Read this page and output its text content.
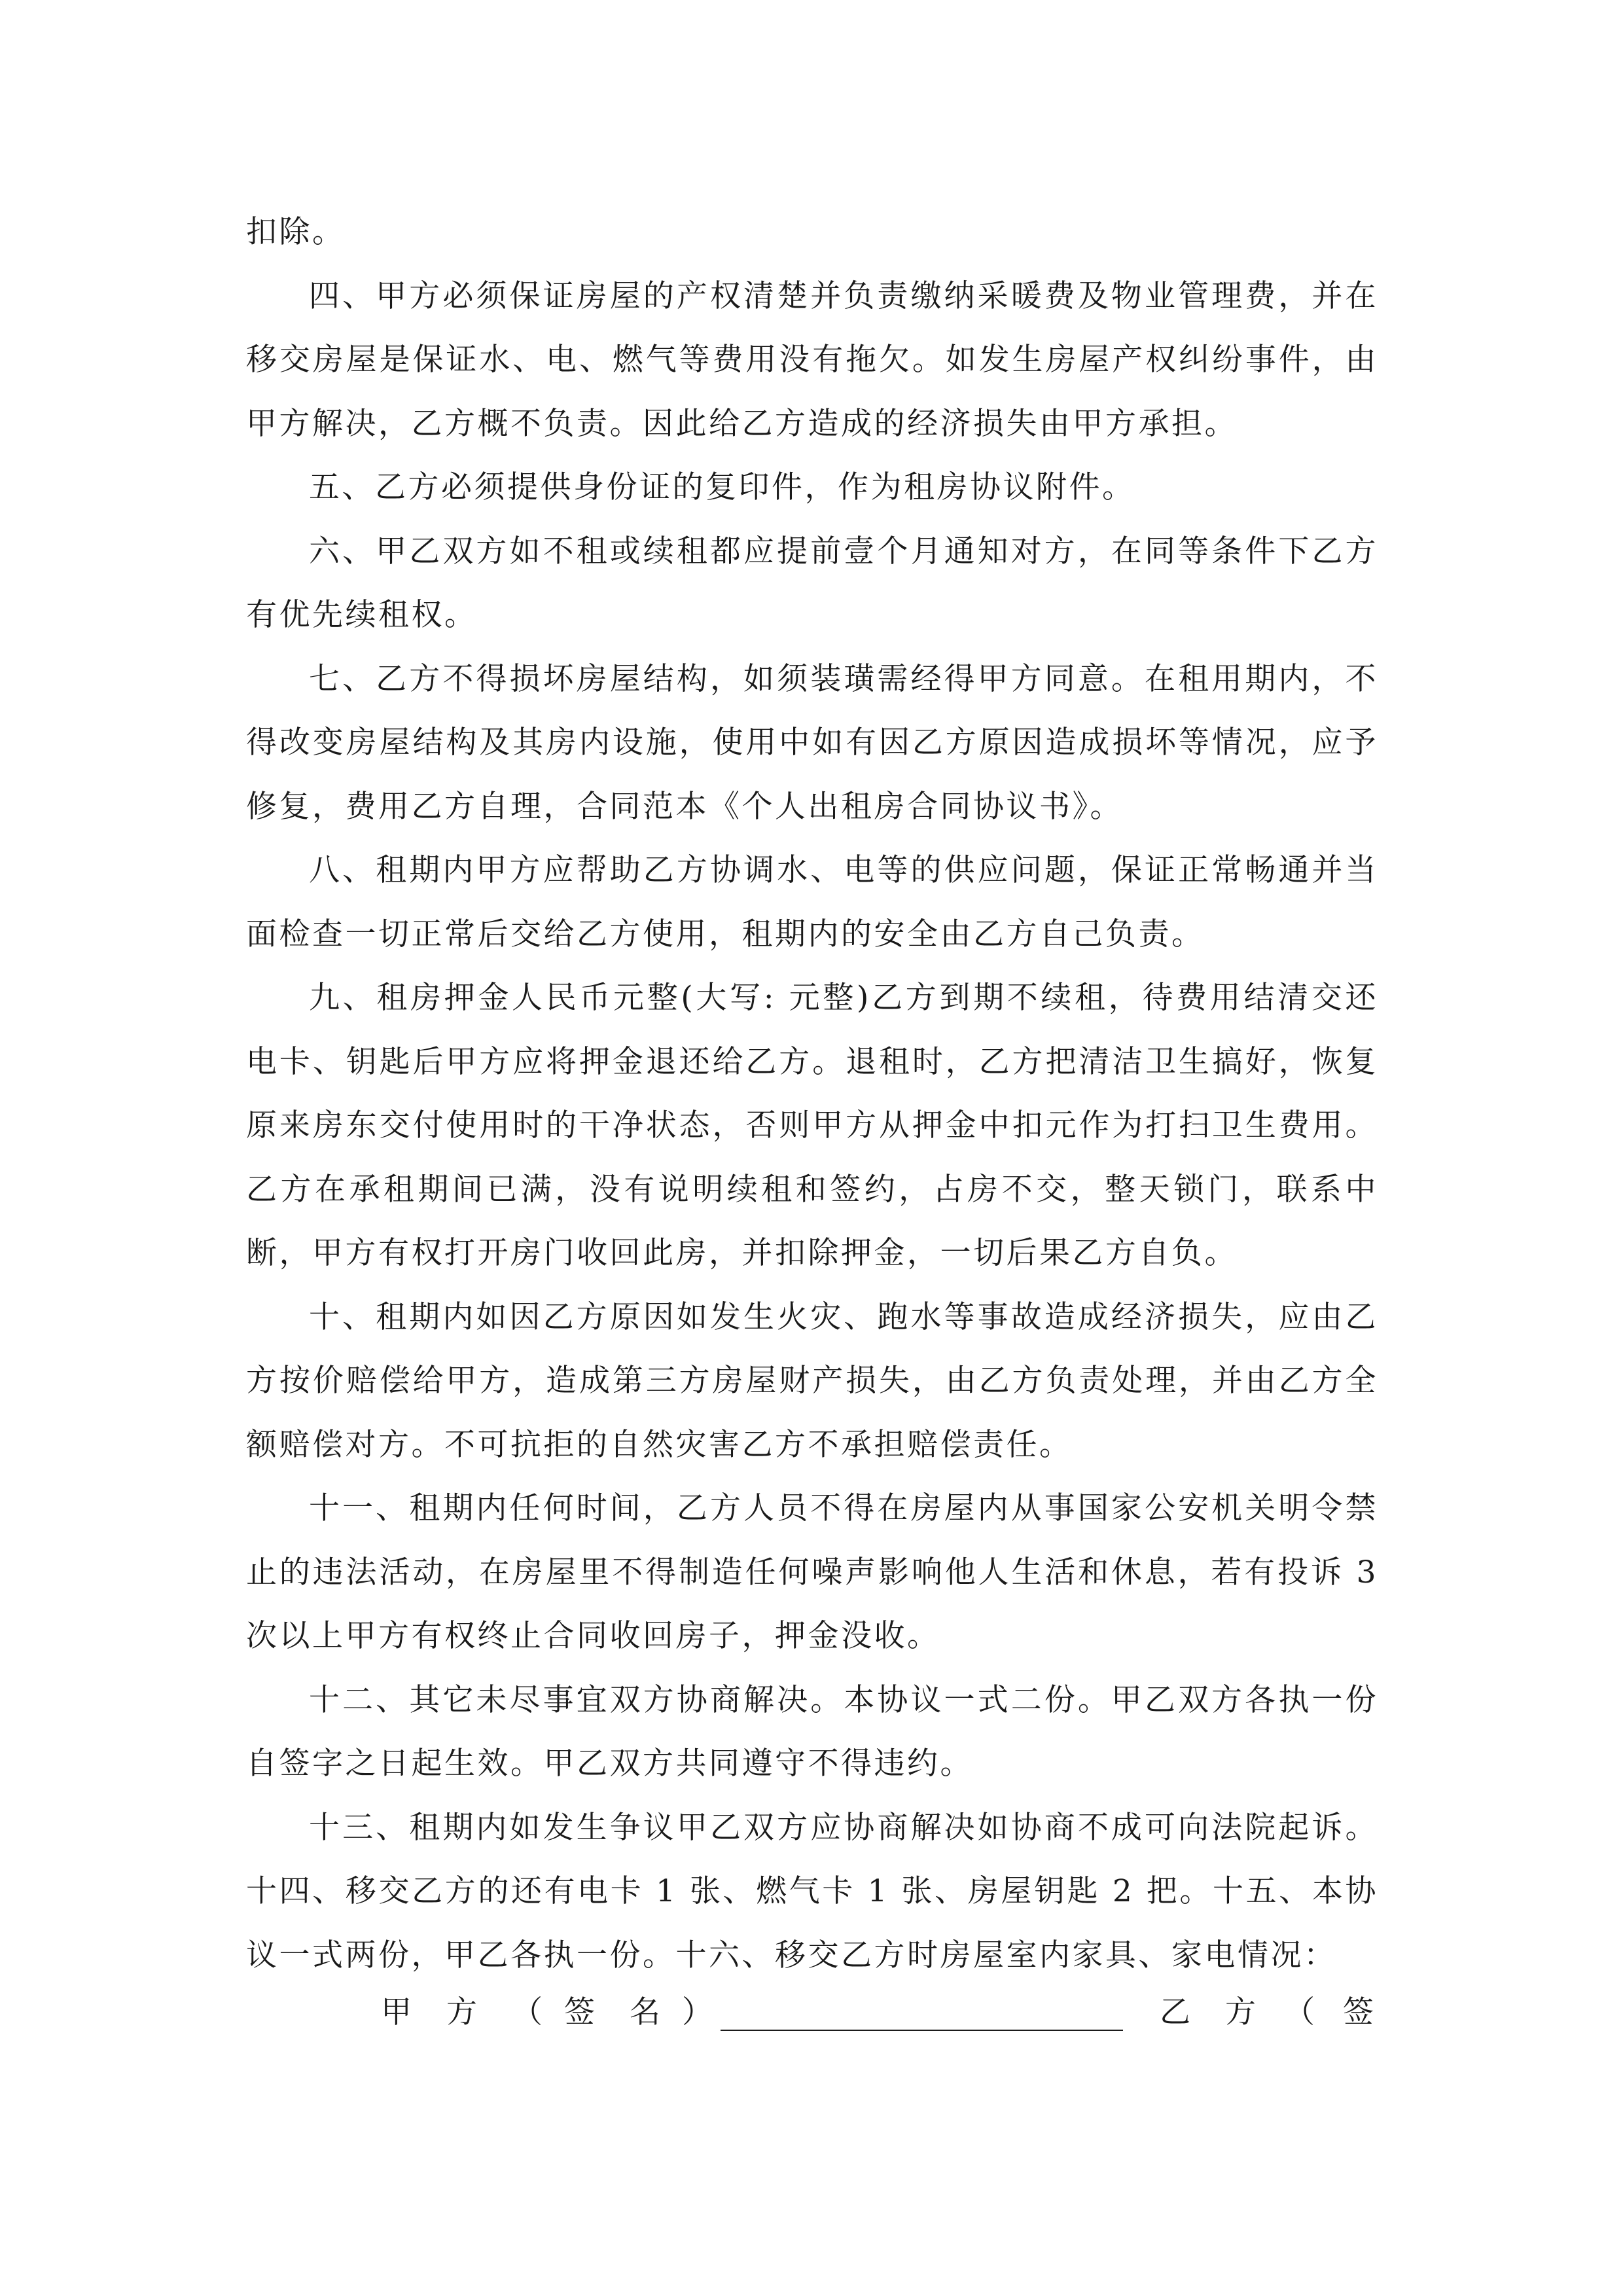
扣除。

四、甲方必须保证房屋的产权清楚并负责缴纳采暖费及物业管理费，并在移交房屋是保证水、电、燃气等费用没有拖欠。如发生房屋产权纠纷事件，由甲方解决，乙方概不负责。因此给乙方造成的经济损失由甲方承担。

五、乙方必须提供身份证的复印件，作为租房协议附件。

六、甲乙双方如不租或续租都应提前壹个月通知对方，在同等条件下乙方有优先续租权。

七、乙方不得损坏房屋结构，如须装璜需经得甲方同意。在租用期内，不得改变房屋结构及其房内设施，使用中如有因乙方原因造成损坏等情况，应予修复，费用乙方自理，合同范本《个人出租房合同协议书》。

八、租期内甲方应帮助乙方协调水、电等的供应问题，保证正常畅通并当面检查一切正常后交给乙方使用，租期内的安全由乙方自己负责。

九、租房押金人民币元整(大写: 元整)乙方到期不续租，待费用结清交还电卡、钥匙后甲方应将押金退还给乙方。退租时，乙方把清洁卫生搞好，恢复原来房东交付使用时的干净状态，否则甲方从押金中扣元作为打扫卫生费用。乙方在承租期间已满，没有说明续租和签约，占房不交，整天锁门，联系中断，甲方有权打开房门收回此房，并扣除押金，一切后果乙方自负。

十、租期内如因乙方原因如发生火灾、跑水等事故造成经济损失，应由乙方按价赔偿给甲方，造成第三方房屋财产损失，由乙方负责处理，并由乙方全额赔偿对方。不可抗拒的自然灾害乙方不承担赔偿责任。

十一、租期内任何时间，乙方人员不得在房屋内从事国家公安机关明令禁止的违法活动，在房屋里不得制造任何噪声影响他人生活和休息，若有投诉 3 次以上甲方有权终止合同收回房子，押金没收。

十二、其它未尽事宜双方协商解决。本协议一式二份。甲乙双方各执一份自签字之日起生效。甲乙双方共同遵守不得违约。

十三、租期内如发生争议甲乙双方应协商解决如协商不成可向法院起诉。十四、移交乙方的还有电卡 1 张、燃气卡 1 张、房屋钥匙 2 把。十五、本协议一式两份，甲乙各执一份。十六、移交乙方时房屋室内家具、家电情况：

甲 方 （ 签 名 ）	乙 方 （ 签
